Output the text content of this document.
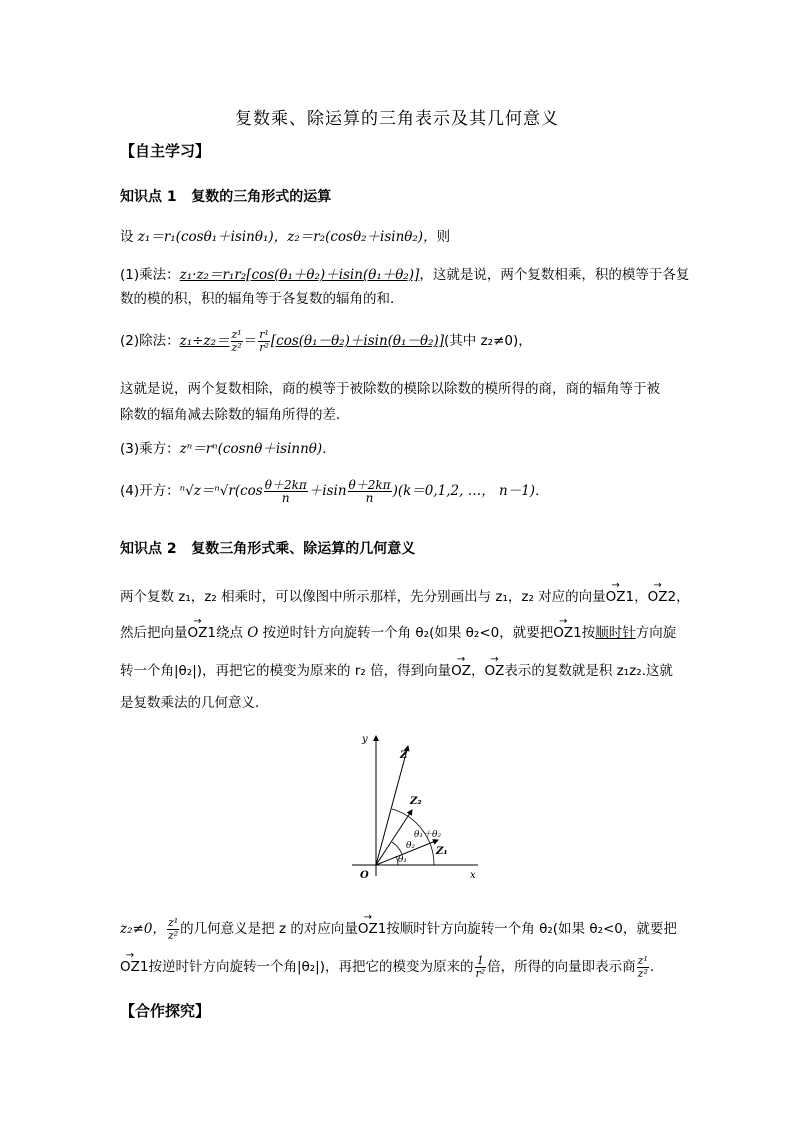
复数乘、除运算的三角表示及其几何意义
【自主学习】
知识点 1 复数的三角形式的运算
设 z₁＝r₁(cosθ₁＋isinθ₁)，z₂＝r₂(cosθ₂＋isinθ₂)，则
(1)乘法：z₁·z₂＝r₁r₂[cos(θ₁＋θ₂)＋isin(θ₁＋θ₂)]，这就是说，两个复数相乘，积的模等于各复
数的模的积，积的辐角等于各复数的辐角的和．
(2)除法：$z_1\div z_2= \frac{\text{z¹}}{\text{z²}} = \frac{\text{r¹}}{\text{r²}} [\cos(\theta_1-\theta_2)+isin(\theta_1-\theta_2)]$(其中 z₂≠0)，
这就是说，两个复数相除，商的模等于被除数的模除以除数的模所得的商，商的辐角等于被
除数的辐角减去除数的辐角所得的差．
(3)乘方：zⁿ＝rⁿ(cosnθ＋isinnθ)．
(4)开方：$^n√z=^n√r(\cos \frac{\theta+2k\pi}{n} +isin \frac{\theta+2k\pi}{n} )(k=0,1,2$, …， n－1)．
知识点 2 复数三角形式乘、除运算的几何意义
两个复数 z₁，z₂ 相乘时，可以像图中所示那样，先分别画出与 z₁，z₂ 对应的向量→ OZ1，→ OZ2，
然后把向量→ OZ1绕点 O 按逆时针方向旋转一个角 θ₂(如果 θ₂<0，就要把→ OZ1按顺时针方向旋
转一个角|θ₂|)，再把它的模变为原来的 r₂ 倍，得到向量→ OZ，→ OZ表示的复数就是积 z₁z₂.这就
是复数乘法的几何意义．
y
x
O
Z
Z₂
Z₁
θ₁＋θ₂
θ₂
θ₁
z₂≠0， $\frac{\text{z¹}}{\text{z²}}$ 的几何意义是把 z 的对应向量→ OZ1按顺时针方向旋转一个角 θ₂(如果 θ₂<0，就要把
→ OZ1按逆时针方向旋转一个角|θ₂|)，再把它的模变为原来的 $\frac{1}{\text{r²}}$ 倍，所得的向量即表示商 $\frac{\text{z¹}}{\text{z²}}$ .
【合作探究】
